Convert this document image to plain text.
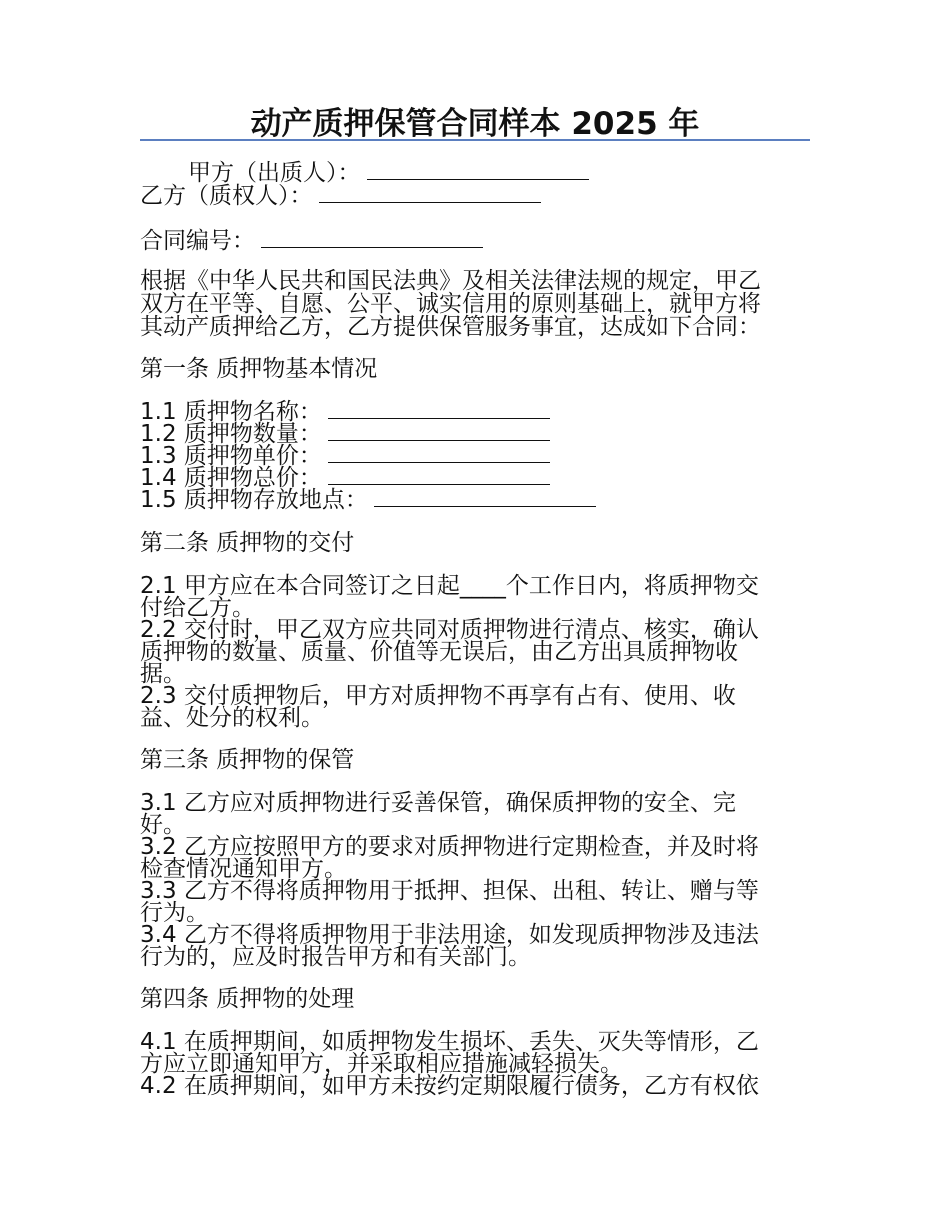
动产质押保管合同样本 2025 年

甲方（出质人）：

乙方（质权人）：

合同编号：

根据《中华人民共和国民法典》及相关法律法规的规定，甲乙

双方在平等、自愿、公平、诚实信用的原则基础上，就甲方将

其动产质押给乙方，乙方提供保管服务事宜，达成如下合同：

第一条 质押物基本情况

1.1 质押物名称：

1.2 质押物数量：

1.3 质押物单价：

1.4 质押物总价：

1.5 质押物存放地点：

第二条 质押物的交付

2.1 甲方应在本合同签订之日起____个工作日内，将质押物交

付给乙方。

2.2 交付时，甲乙双方应共同对质押物进行清点、核实，确认

质押物的数量、质量、价值等无误后，由乙方出具质押物收

据。

2.3 交付质押物后，甲方对质押物不再享有占有、使用、收

益、处分的权利。

第三条 质押物的保管

3.1 乙方应对质押物进行妥善保管，确保质押物的安全、完

好。

3.2 乙方应按照甲方的要求对质押物进行定期检查，并及时将

检查情况通知甲方。

3.3 乙方不得将质押物用于抵押、担保、出租、转让、赠与等

行为。

3.4 乙方不得将质押物用于非法用途，如发现质押物涉及违法

行为的，应及时报告甲方和有关部门。

第四条 质押物的处理

4.1 在质押期间，如质押物发生损坏、丢失、灭失等情形，乙

方应立即通知甲方，并采取相应措施减轻损失。

4.2 在质押期间，如甲方未按约定期限履行债务，乙方有权依
